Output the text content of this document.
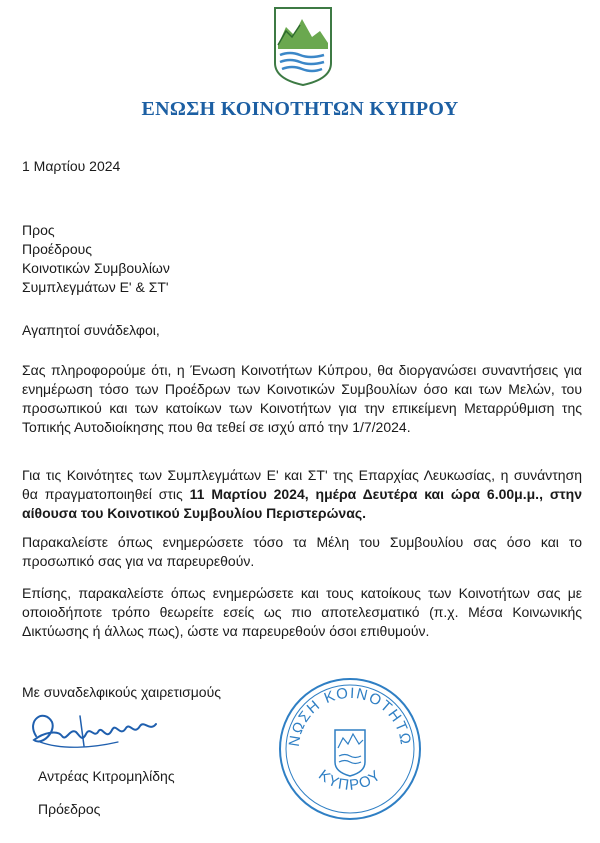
ΕΝΩΣΗ ΚΟΙΝΟΤΗΤΩΝ ΚΥΠΡΟΥ
1 Μαρτίου 2024
Προς
Προέδρους
Κοινοτικών Συμβουλίων
Συμπλεγμάτων Ε' & ΣΤ'
Αγαπητοί συνάδελφοι,

Σας πληροφορούμε ότι, η Ένωση Κοινοτήτων Κύπρου, θα διοργανώσει συναντήσεις για ενημέρωση τόσο των Προέδρων των Κοινοτικών Συμβουλίων όσο και των Μελών, του προσωπικού και των κατοίκων των Κοινοτήτων για την επικείμενη Μεταρρύθμιση της Τοπικής Αυτοδιοίκησης που θα τεθεί σε ισχύ από την 1/7/2024.

Για τις Κοινότητες των Συμπλεγμάτων Ε' και ΣΤ' της Επαρχίας Λευκωσίας, η συνάντηση θα πραγματοποιηθεί στις 11 Μαρτίου 2024, ημέρα Δευτέρα και ώρα 6.00μ.μ., στην αίθουσα του Κοινοτικού Συμβουλίου Περιστερώνας.

Παρακαλείστε όπως ενημερώσετε τόσο τα Μέλη του Συμβουλίου σας όσο και το προσωπικό σας για να παρευρεθούν.

Επίσης, παρακαλείστε όπως ενημερώσετε και τους κατοίκους των Κοινοτήτων σας με οποιοδήποτε τρόπο θεωρείτε εσείς ως πιο αποτελεσματικό (π.χ. Μέσα Κοινωνικής Δικτύωσης ή άλλως πως), ώστε να παρευρεθούν όσοι επιθυμούν.

Με συναδελφικούς χαιρετισμούς
Αντρέας Κιτρομηλίδης
Πρόεδρος
ΝΩΣΗ ΚΟΙΝΟΤΗΤΩ
ΚΥΠΡΟΥ
